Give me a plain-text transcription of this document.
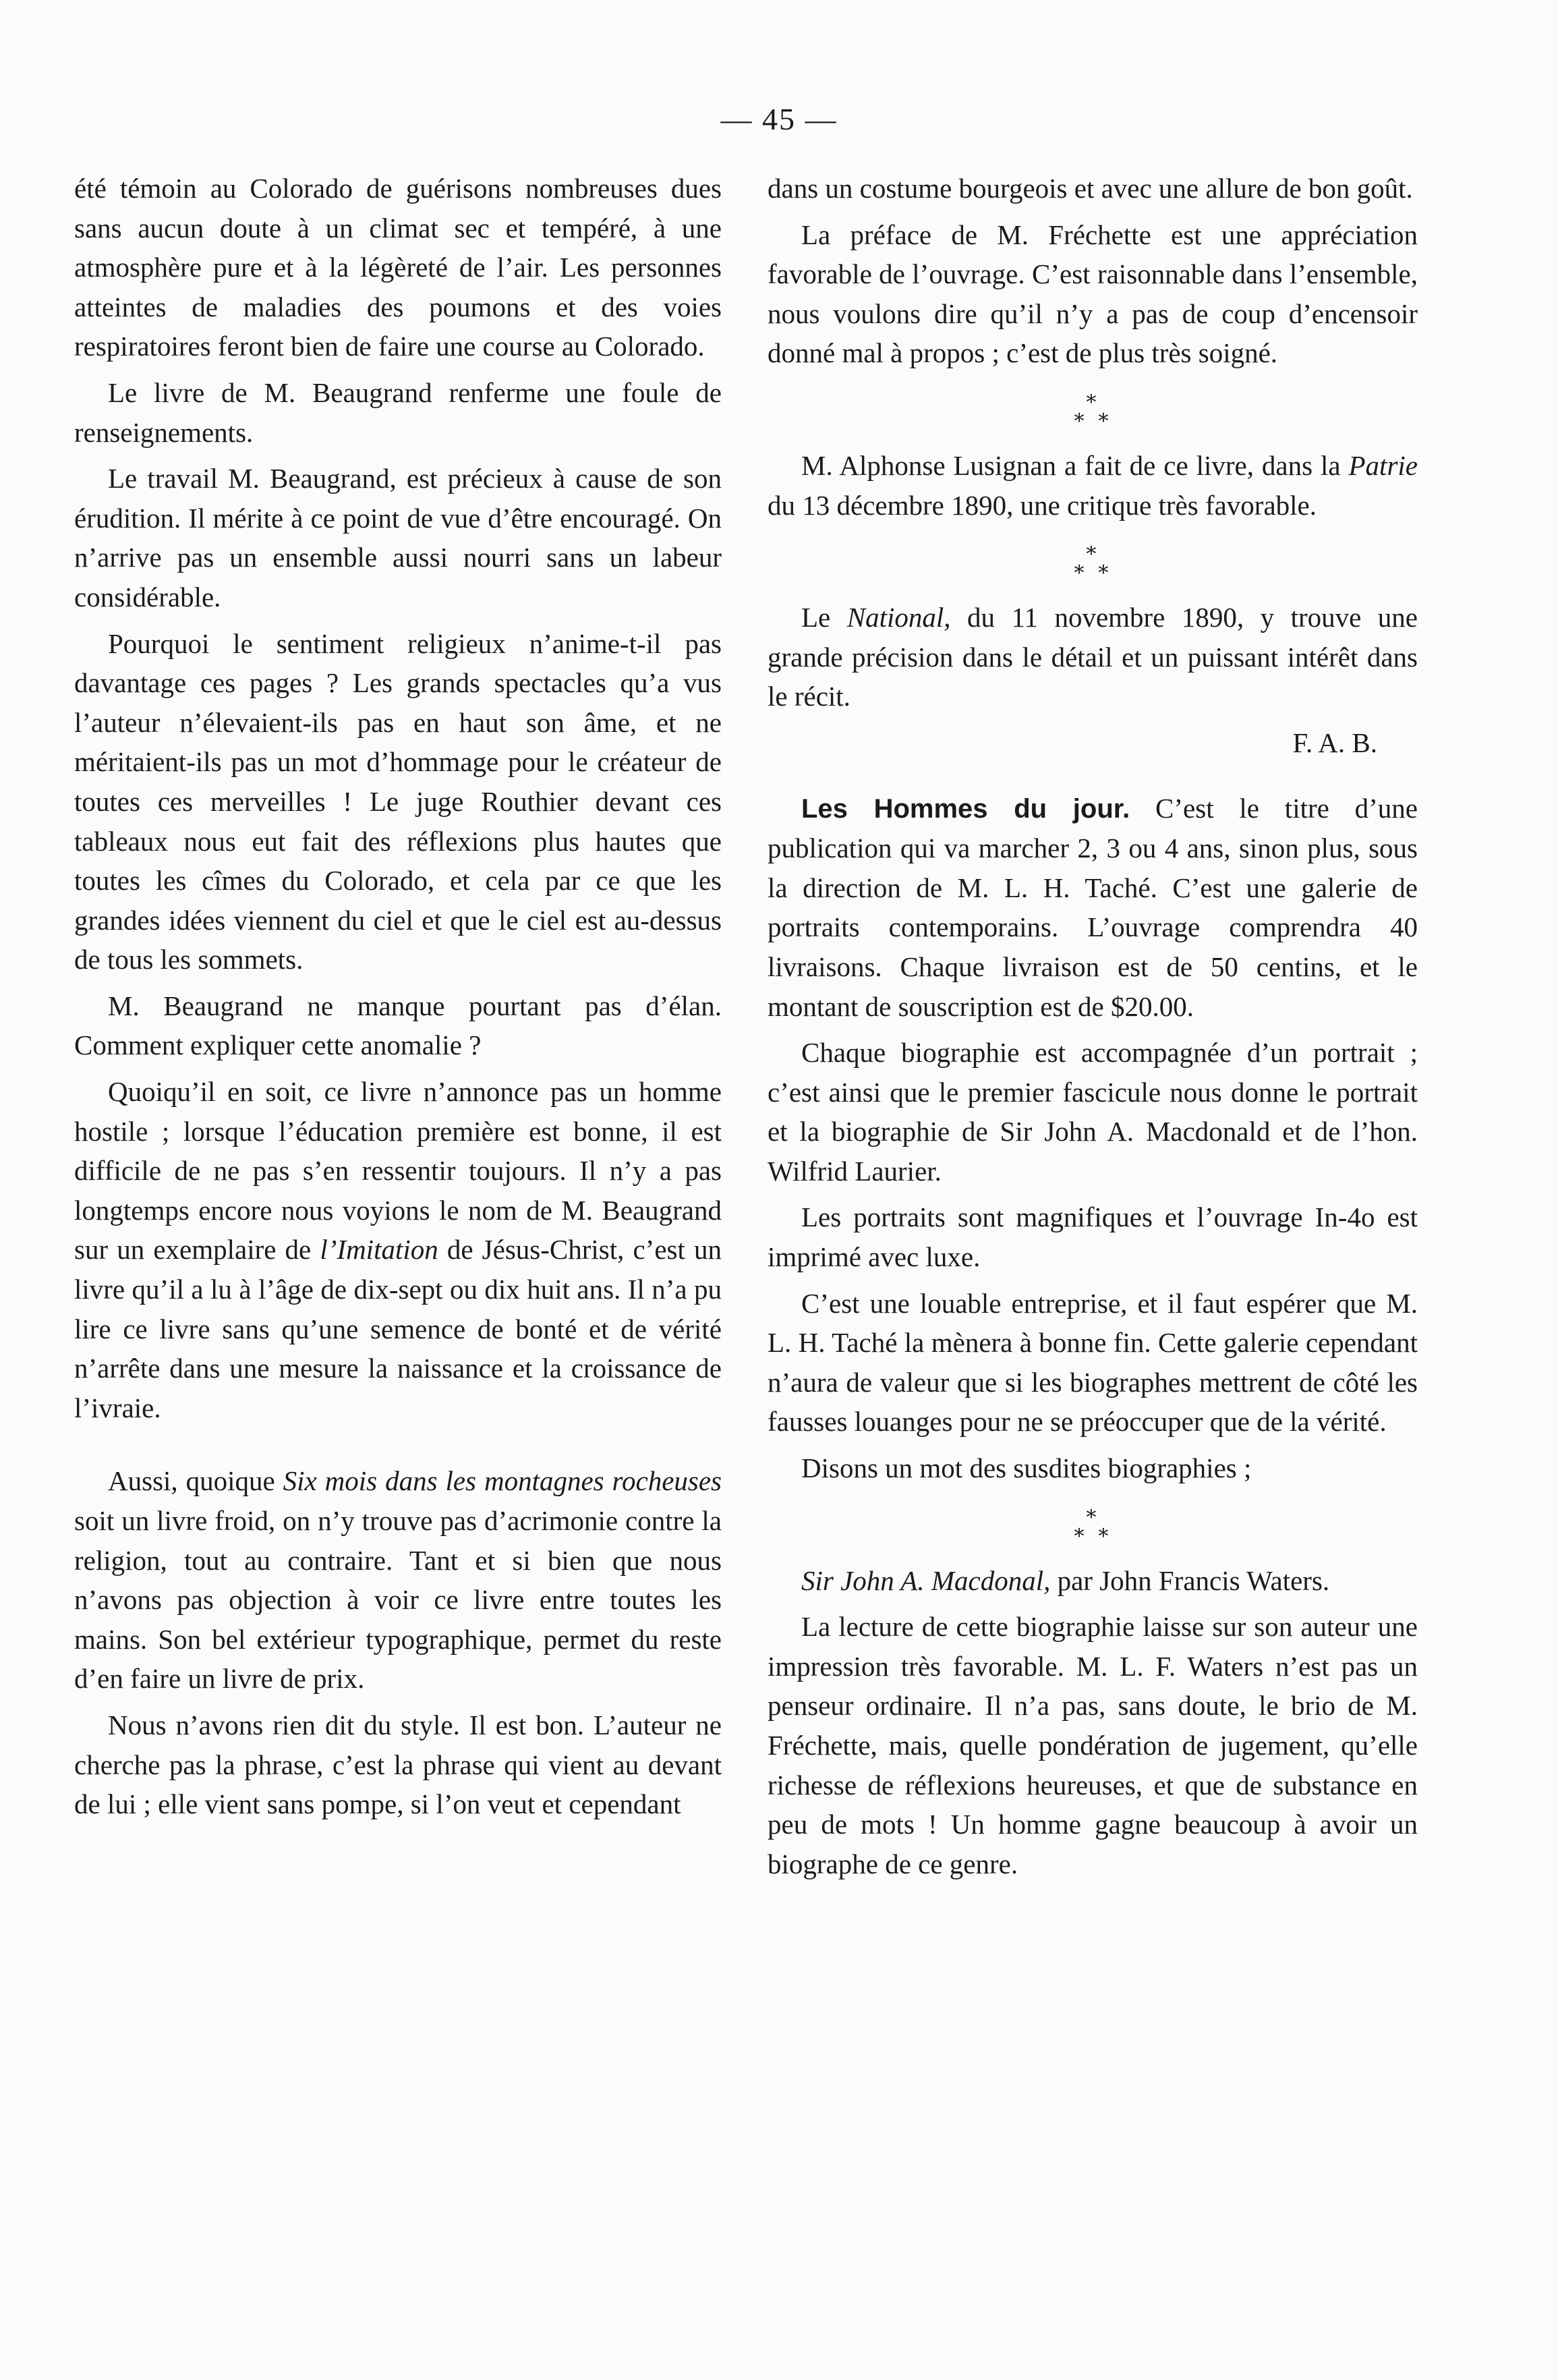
— 45 —

été témoin au Colorado de guérisons nombreuses dues sans aucun doute à un climat sec et tempéré, à une atmosphère pure et à la légèreté de l’air. Les personnes atteintes de maladies des poumons et des voies respiratoires feront bien de faire une course au Colorado.

Le livre de M. Beaugrand renferme une foule de renseignements.

Le travail M. Beaugrand, est précieux à cause de son érudition. Il mérite à ce point de vue d’être encouragé. On n’arrive pas un ensemble aussi nourri sans un labeur considérable.

Pourquoi le sentiment religieux n’anime-t-il pas davantage ces pages ? Les grands spectacles qu’a vus l’auteur n’élevaient-ils pas en haut son âme, et ne méritaient-ils pas un mot d’hommage pour le créateur de toutes ces merveilles ! Le juge Routhier devant ces tableaux nous eut fait des réflexions plus hautes que toutes les cîmes du Colorado, et cela par ce que les grandes idées viennent du ciel et que le ciel est au-dessus de tous les sommets.

M. Beaugrand ne manque pourtant pas d’élan. Comment expliquer cette anomalie ?

Quoiqu’il en soit, ce livre n’annonce pas un homme hostile ; lorsque l’éducation première est bonne, il est difficile de ne pas s’en ressentir toujours. Il n’y a pas longtemps encore nous voyions le nom de M. Beaugrand sur un exemplaire de l’Imitation de Jésus-Christ, c’est un livre qu’il a lu à l’âge de dix-sept ou dix huit ans. Il n’a pu lire ce livre sans qu’une semence de bonté et de vérité n’arrête dans une mesure la naissance et la croissance de l’ivraie.

Aussi, quoique Six mois dans les montagnes rocheuses soit un livre froid, on n’y trouve pas d’acrimonie contre la religion, tout au contraire. Tant et si bien que nous n’avons pas objection à voir ce livre entre toutes les mains. Son bel extérieur typographique, permet du reste d’en faire un livre de prix.

Nous n’avons rien dit du style. Il est bon. L’auteur ne cherche pas la phrase, c’est la phrase qui vient au devant de lui ; elle vient sans pompe, si l’on veut et cependant

dans un costume bourgeois et avec une allure de bon goût.

La préface de M. Fréchette est une appréciation favorable de l’ouvrage. C’est raisonnable dans l’ensemble, nous voulons dire qu’il n’y a pas de coup d’encensoir donné mal à propos ; c’est de plus très soigné.

∗
∗ ∗

M. Alphonse Lusignan a fait de ce livre, dans la Patrie du 13 décembre 1890, une critique très favorable.

∗
∗ ∗

Le National, du 11 novembre 1890, y trouve une grande précision dans le détail et un puissant intérêt dans le récit.

F. A. B.

Les Hommes du jour. C’est le titre d’une publication qui va marcher 2, 3 ou 4 ans, sinon plus, sous la direction de M. L. H. Taché. C’est une galerie de portraits contemporains. L’ouvrage comprendra 40 livraisons. Chaque livraison est de 50 centins, et le montant de souscription est de $20.00.

Chaque biographie est accompagnée d’un portrait ; c’est ainsi que le premier fascicule nous donne le portrait et la biographie de Sir John A. Macdonald et de l’hon. Wilfrid Laurier.

Les portraits sont magnifiques et l’ouvrage In-4o est imprimé avec luxe.

C’est une louable entreprise, et il faut espérer que M. L. H. Taché la mènera à bonne fin. Cette galerie cependant n’aura de valeur que si les biographes mettrent de côté les fausses louanges pour ne se préoccuper que de la vérité.

Disons un mot des susdites biographies ;

∗
∗ ∗

Sir John A. Macdonal, par John Francis Waters.

La lecture de cette biographie laisse sur son auteur une impression très favorable. M. L. F. Waters n’est pas un penseur ordinaire. Il n’a pas, sans doute, le brio de M. Fréchette, mais, quelle pondération de jugement, qu’elle richesse de réflexions heureuses, et que de substance en peu de mots ! Un homme gagne beaucoup à avoir un biographe de ce genre.
